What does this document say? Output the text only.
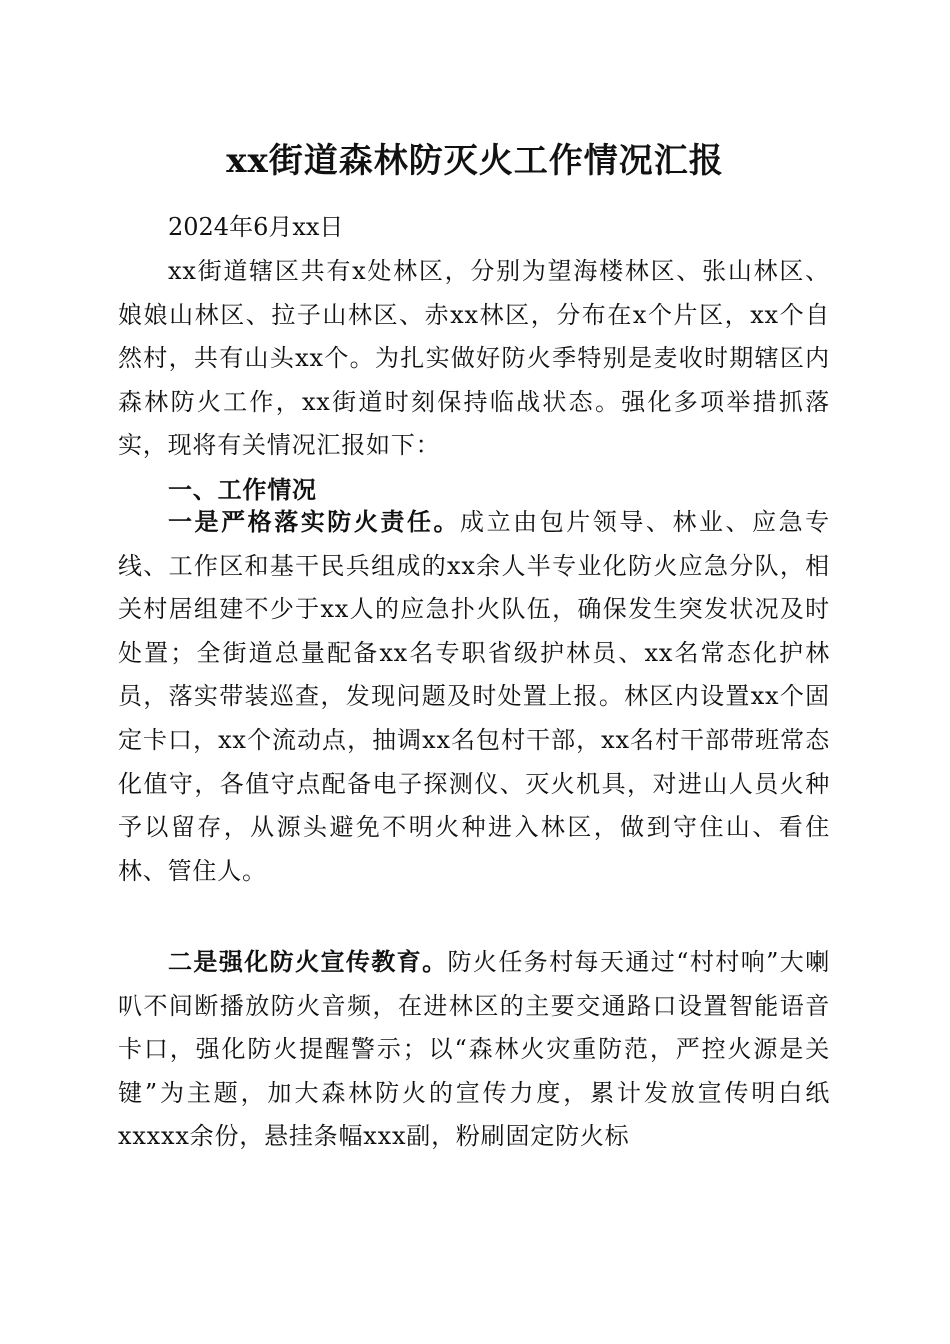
xx街道森林防灭火工作情况汇报

2024年6月xx日

xx街道辖区共有x处林区，分别为望海楼林区、张山林区、娘娘山林区、拉子山林区、赤xx林区，分布在x个片区，xx个自然村，共有山头xx个。为扎实做好防火季特别是麦收时期辖区内森林防火工作，xx街道时刻保持临战状态。强化多项举措抓落实，现将有关情况汇报如下：

一、工作情况

一是严格落实防火责任。成立由包片领导、林业、应急专线、工作区和基干民兵组成的xx余人半专业化防火应急分队，相关村居组建不少于xx人的应急扑火队伍，确保发生突发状况及时处置；全街道总量配备xx名专职省级护林员、xx名常态化护林员，落实带装巡查，发现问题及时处置上报。林区内设置xx个固定卡口，xx个流动点，抽调xx名包村干部，xx名村干部带班常态化值守，各值守点配备电子探测仪、灭火机具，对进山人员火种予以留存，从源头避免不明火种进入林区，做到守住山、看住林、管住人。

二是强化防火宣传教育。防火任务村每天通过“村村响”大喇叭不间断播放防火音频，在进林区的主要交通路口设置智能语音卡口，强化防火提醒警示；以“森林火灾重防范，严控火源是关键”为主题，加大森林防火的宣传力度，累计发放宣传明白纸xxxxx余份，悬挂条幅xxx副，粉刷固定防火标
